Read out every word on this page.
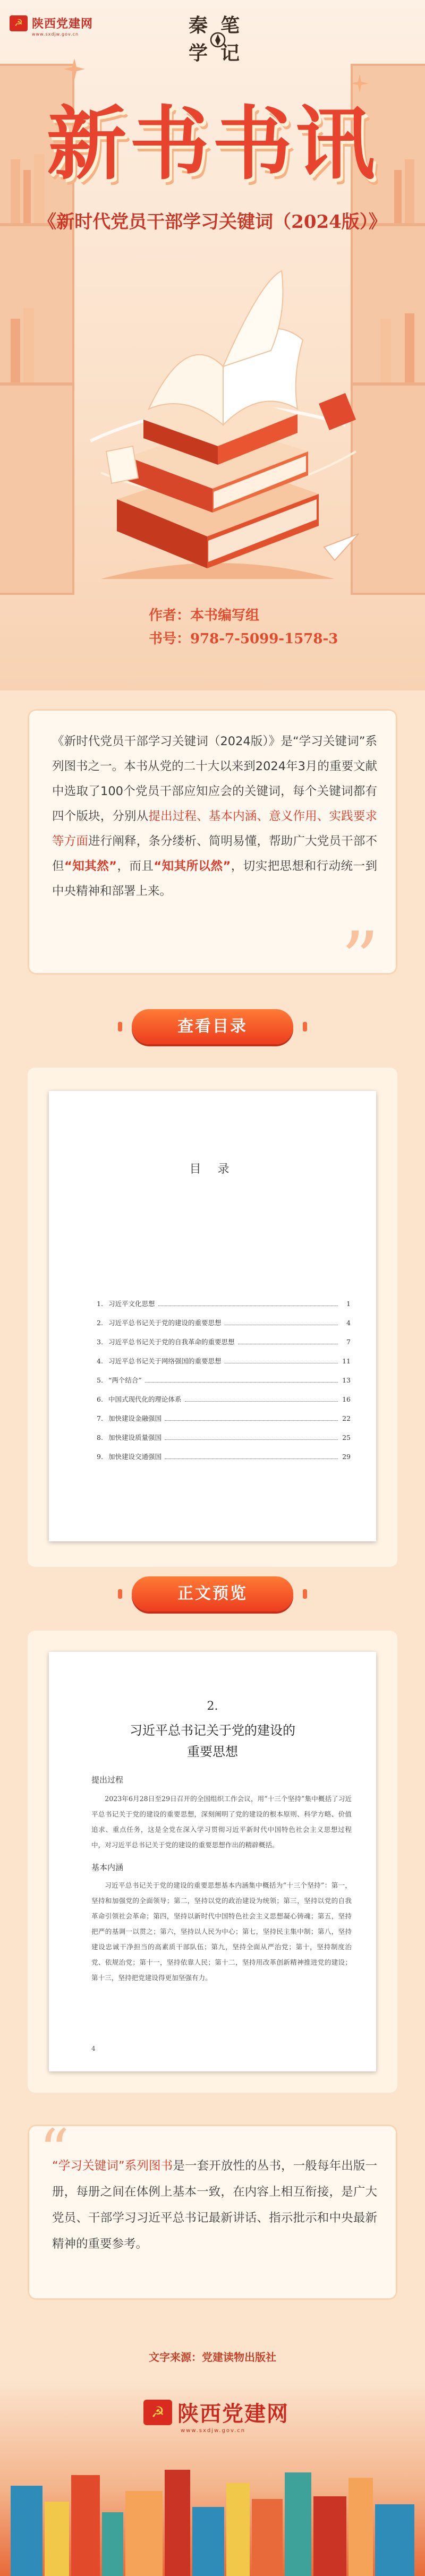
☭ 陕西党建网
www.sxdjw.gov.cn	秦 笔
学 记
新书书讯
《新时代党员干部学习关键词（2024版）》
作者：本书编写组
书号：978-7-5099-1578-3
《新时代党员干部学习关键词（2024版）》是“学习关键词”系列图书之一。本书从党的二十大以来到2024年3月的重要文献中选取了100个党员干部应知应会的关键词，每个关键词都有四个版块，分别从提出过程、基本内涵、意义作用、实践要求等方面进行阐释，条分缕析、简明易懂，帮助广大党员干部不但“知其然”，而且“知其所以然”，切实把思想和行动统一到中央精神和部署上来。
”
查看目录
目 录
1. 习近平文化思想	1
2. 习近平总书记关于党的建设的重要思想	4
3. 习近平总书记关于党的自我革命的重要思想	7
4. 习近平总书记关于网络强国的重要思想	11
5. “两个结合”	13
6. 中国式现代化的理论体系	16
7. 加快建设金融强国	22
8. 加快建设质量强国	25
9. 加快建设交通强国	29
正文预览
2.
习近平总书记关于党的建设的重要思想
提出过程
2023年6月28日至29日召开的全国组织工作会议，用“十三个坚持”集中概括了习近平总书记关于党的建设的重要思想，深刻阐明了党的建设的根本原则、科学方略、价值追求、重点任务，这是全党在深入学习贯彻习近平新时代中国特色社会主义思想过程中，对习近平总书记关于党的建设的重要思想作出的精辟概括。
基本内涵
习近平总书记关于党的建设的重要思想基本内涵集中概括为“十三个坚持”：第一，坚持和加强党的全面领导；第二，坚持以党的政治建设为统领；第三，坚持以党的自我革命引领社会革命；第四，坚持以新时代中国特色社会主义思想凝心铸魂；第五，坚持把严的基调一以贯之；第六，坚持以人民为中心；第七，坚持民主集中制；第八，坚持建设忠诚干净担当的高素质干部队伍；第九，坚持全面从严治党；第十，坚持制度治党、依规治党；第十一，坚持依靠人民；第十二，坚持用改革创新精神推进党的建设；第十三，坚持把党建设得更加坚强有力。
4
“
“学习关键词”系列图书是一套开放性的丛书，一般每年出版一册，每册之间在体例上基本一致，在内容上相互衔接，是广大党员、干部学习习近平总书记最新讲话、指示批示和中央最新精神的重要参考。
文字来源：党建读物出版社
☭ 陕西党建网
www.sxdjw.gov.cn
